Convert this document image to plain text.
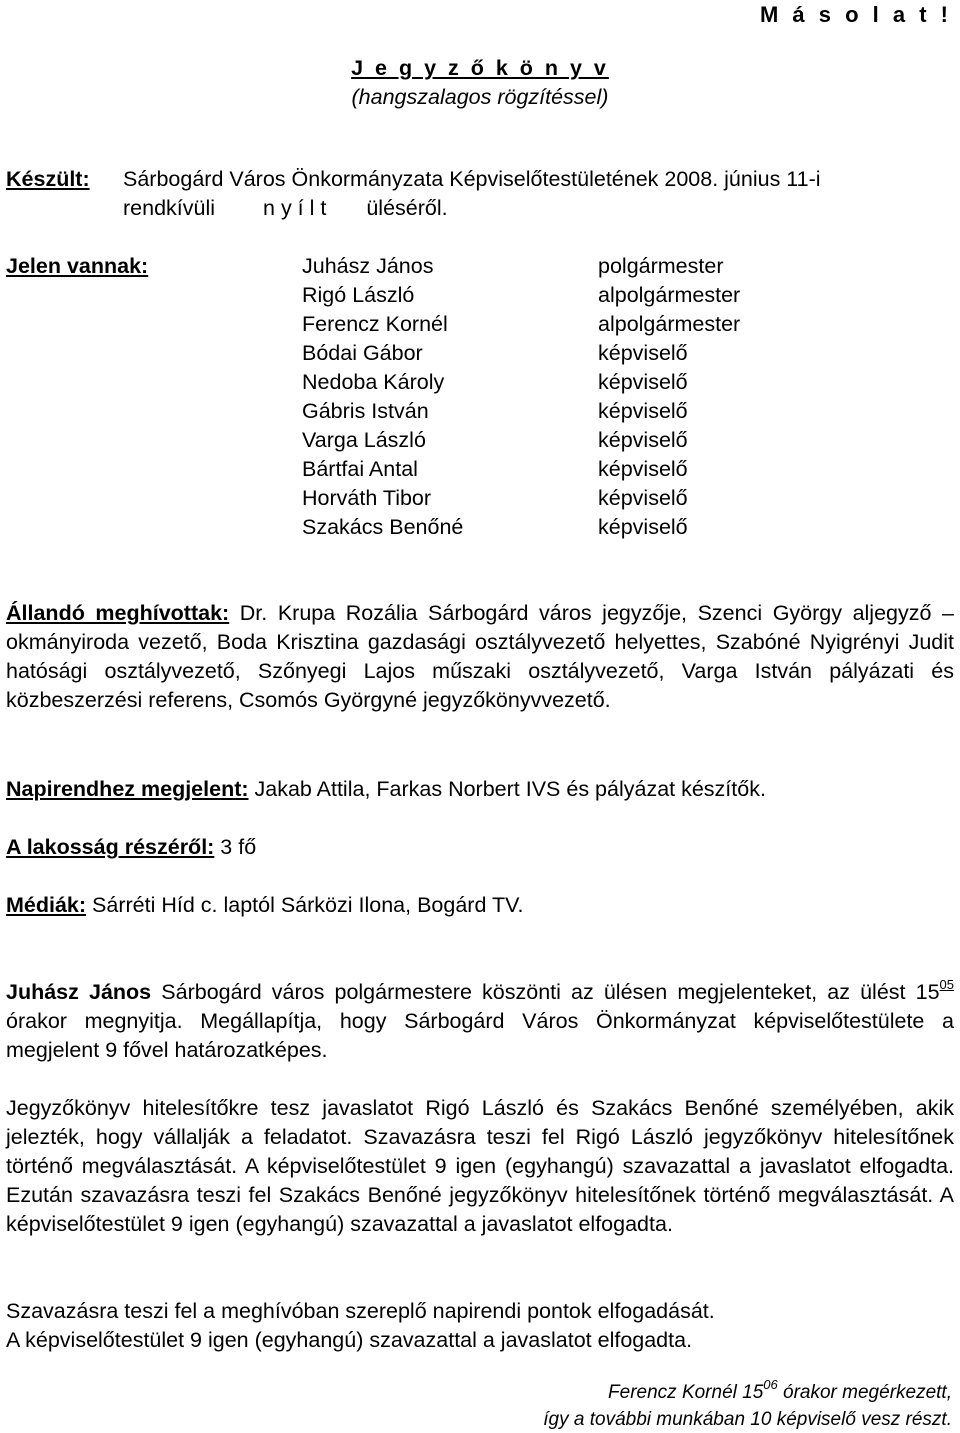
M á s o l a t !
J e g y z ő k ö n y v
(hangszalagos rögzítéssel)
Készült: Sárbogárd Város Önkormányzata Képviselőtestületének 2008. június 11-i
rendkívüli n y í l t üléséről.
Jelen vannak:	Juhász János
Rigó László
Ferencz Kornél
Bódai Gábor
Nedoba Károly
Gábris István
Varga László
Bártfai Antal
Horváth Tibor
Szakács Benőné
polgármester
alpolgármester
alpolgármester
képviselő
képviselő
képviselő
képviselő
képviselő
képviselő
képviselő
Állandó meghívottak: Dr. Krupa Rozália Sárbogárd város jegyzője, Szenci György aljegyző – okmányiroda vezető, Boda Krisztina gazdasági osztályvezető helyettes, Szabóné Nyigrényi Judit hatósági osztályvezető, Szőnyegi Lajos műszaki osztályvezető, Varga István pályázati és közbeszerzési referens, Csomós Györgyné jegyzőkönyvvezető.
Napirendhez megjelent: Jakab Attila, Farkas Norbert IVS és pályázat készítők.
A lakosság részéről: 3 fő
Médiák: Sárréti Híd c. laptól Sárközi Ilona, Bogárd TV.
Juhász János Sárbogárd város polgármestere köszönti az ülésen megjelenteket, az ülést $15^{05}$ órakor megnyitja. Megállapítja, hogy Sárbogárd Város Önkormányzat képviselőtestülete a megjelent 9 fővel határozatképes.
Jegyzőkönyv hitelesítőkre tesz javaslatot Rigó László és Szakács Benőné személyében, akik jelezték, hogy vállalják a feladatot. Szavazásra teszi fel Rigó László jegyzőkönyv hitelesítőnek történő megválasztását. A képviselőtestület 9 igen (egyhangú) szavazattal a javaslatot elfogadta. Ezután szavazásra teszi fel Szakács Benőné jegyzőkönyv hitelesítőnek történő megválasztását. A képviselőtestület 9 igen (egyhangú) szavazattal a javaslatot elfogadta.
Szavazásra teszi fel a meghívóban szereplő napirendi pontok elfogadását.
A képviselőtestület 9 igen (egyhangú) szavazattal a javaslatot elfogadta.
Ferencz Kornél $15^{06}$ órakor megérkezett,
így a további munkában 10 képviselő vesz részt.
